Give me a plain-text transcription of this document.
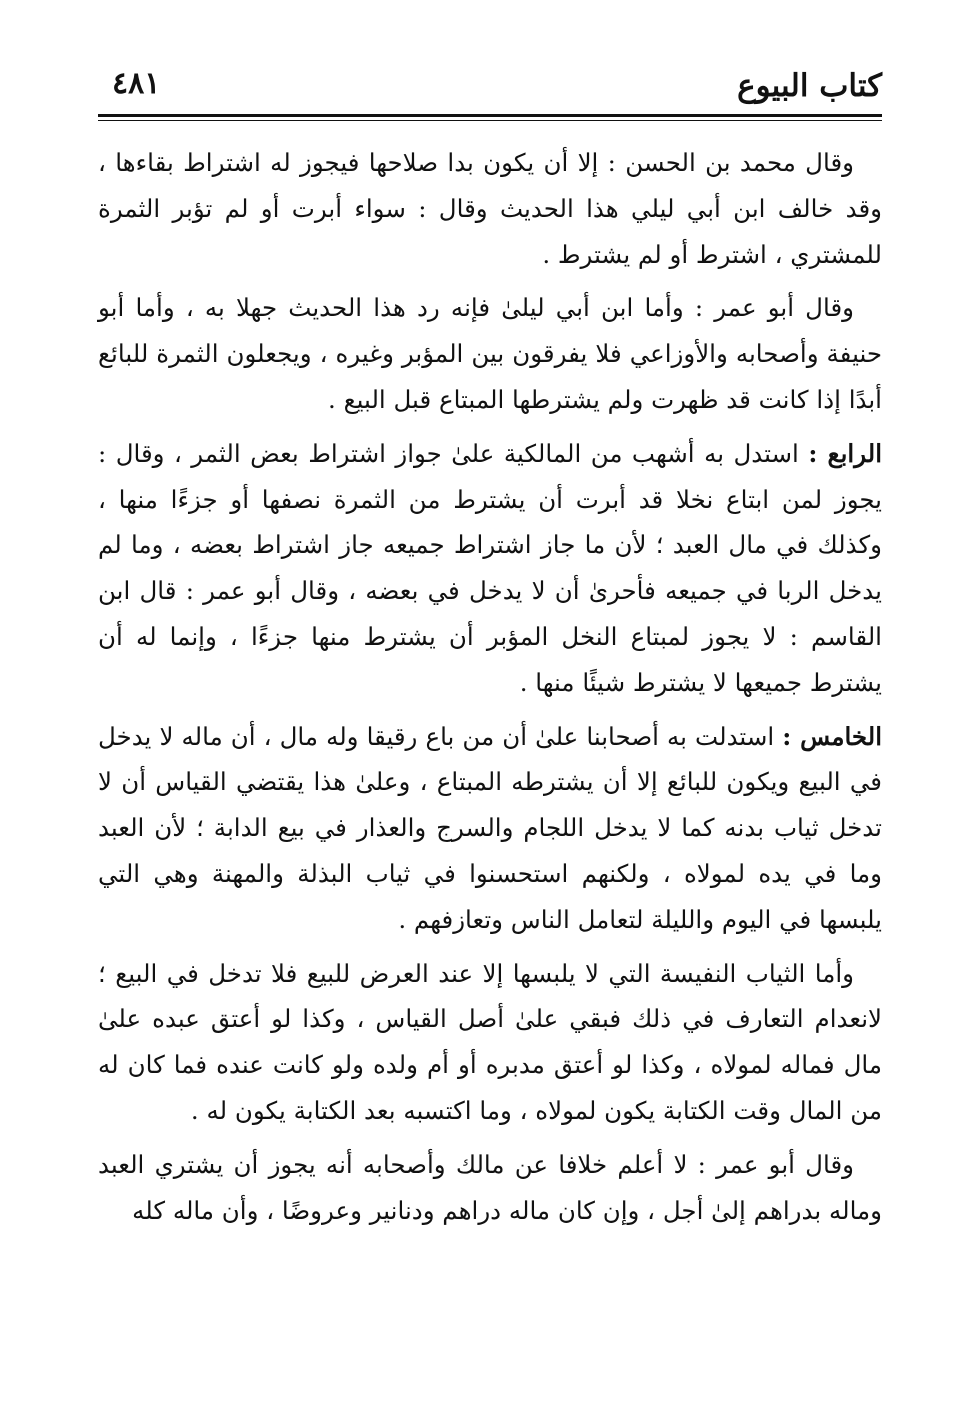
كتاب البيوع
٤٨١

وقال محمد بن الحسن : إلا أن يكون بدا صلاحها فيجوز له اشتراط بقاءها ، وقد خالف ابن أبي ليلي هذا الحديث وقال : سواء أبرت أو لم تؤبر الثمرة للمشتري ، اشترط أو لم يشترط .

وقال أبو عمر : وأما ابن أبي ليلىٰ فإنه رد هذا الحديث جهلا به ، وأما أبو حنيفة وأصحابه والأوزاعي فلا يفرقون بين المؤبر وغيره ، ويجعلون الثمرة للبائع أبدًا إذا كانت قد ظهرت ولم يشترطها المبتاع قبل البيع .

الرابع : استدل به أشهب من المالكية علىٰ جواز اشتراط بعض الثمر ، وقال : يجوز لمن ابتاع نخلا قد أبرت أن يشترط من الثمرة نصفها أو جزءًا منها ، وكذلك في مال العبد ؛ لأن ما جاز اشتراط جميعه جاز اشتراط بعضه ، وما لم يدخل الربا في جميعه فأحرىٰ أن لا يدخل في بعضه ، وقال أبو عمر : قال ابن القاسم : لا يجوز لمبتاع النخل المؤبر أن يشترط منها جزءًا ، وإنما له أن يشترط جميعها لا يشترط شيئًا منها .

الخامس : استدلت به أصحابنا علىٰ أن من باع رقيقا وله مال ، أن ماله لا يدخل في البيع ويكون للبائع إلا أن يشترطه المبتاع ، وعلىٰ هذا يقتضي القياس أن لا تدخل ثياب بدنه كما لا يدخل اللجام والسرج والعذار في بيع الدابة ؛ لأن العبد وما في يده لمولاه ، ولكنهم استحسنوا في ثياب البذلة والمهنة وهي التي يلبسها في اليوم والليلة لتعامل الناس وتعازفهم .

وأما الثياب النفيسة التي لا يلبسها إلا عند العرض للبيع فلا تدخل في البيع ؛ لانعدام التعارف في ذلك فبقي علىٰ أصل القياس ، وكذا لو أعتق عبده علىٰ مال فماله لمولاه ، وكذا لو أعتق مدبره أو أم ولده ولو كانت عنده فما كان له من المال وقت الكتابة يكون لمولاه ، وما اكتسبه بعد الكتابة يكون له .

وقال أبو عمر : لا أعلم خلافا عن مالك وأصحابه أنه يجوز أن يشتري العبد وماله بدراهم إلىٰ أجل ، وإن كان ماله دراهم ودنانير وعروضًا ، وأن ماله كله
